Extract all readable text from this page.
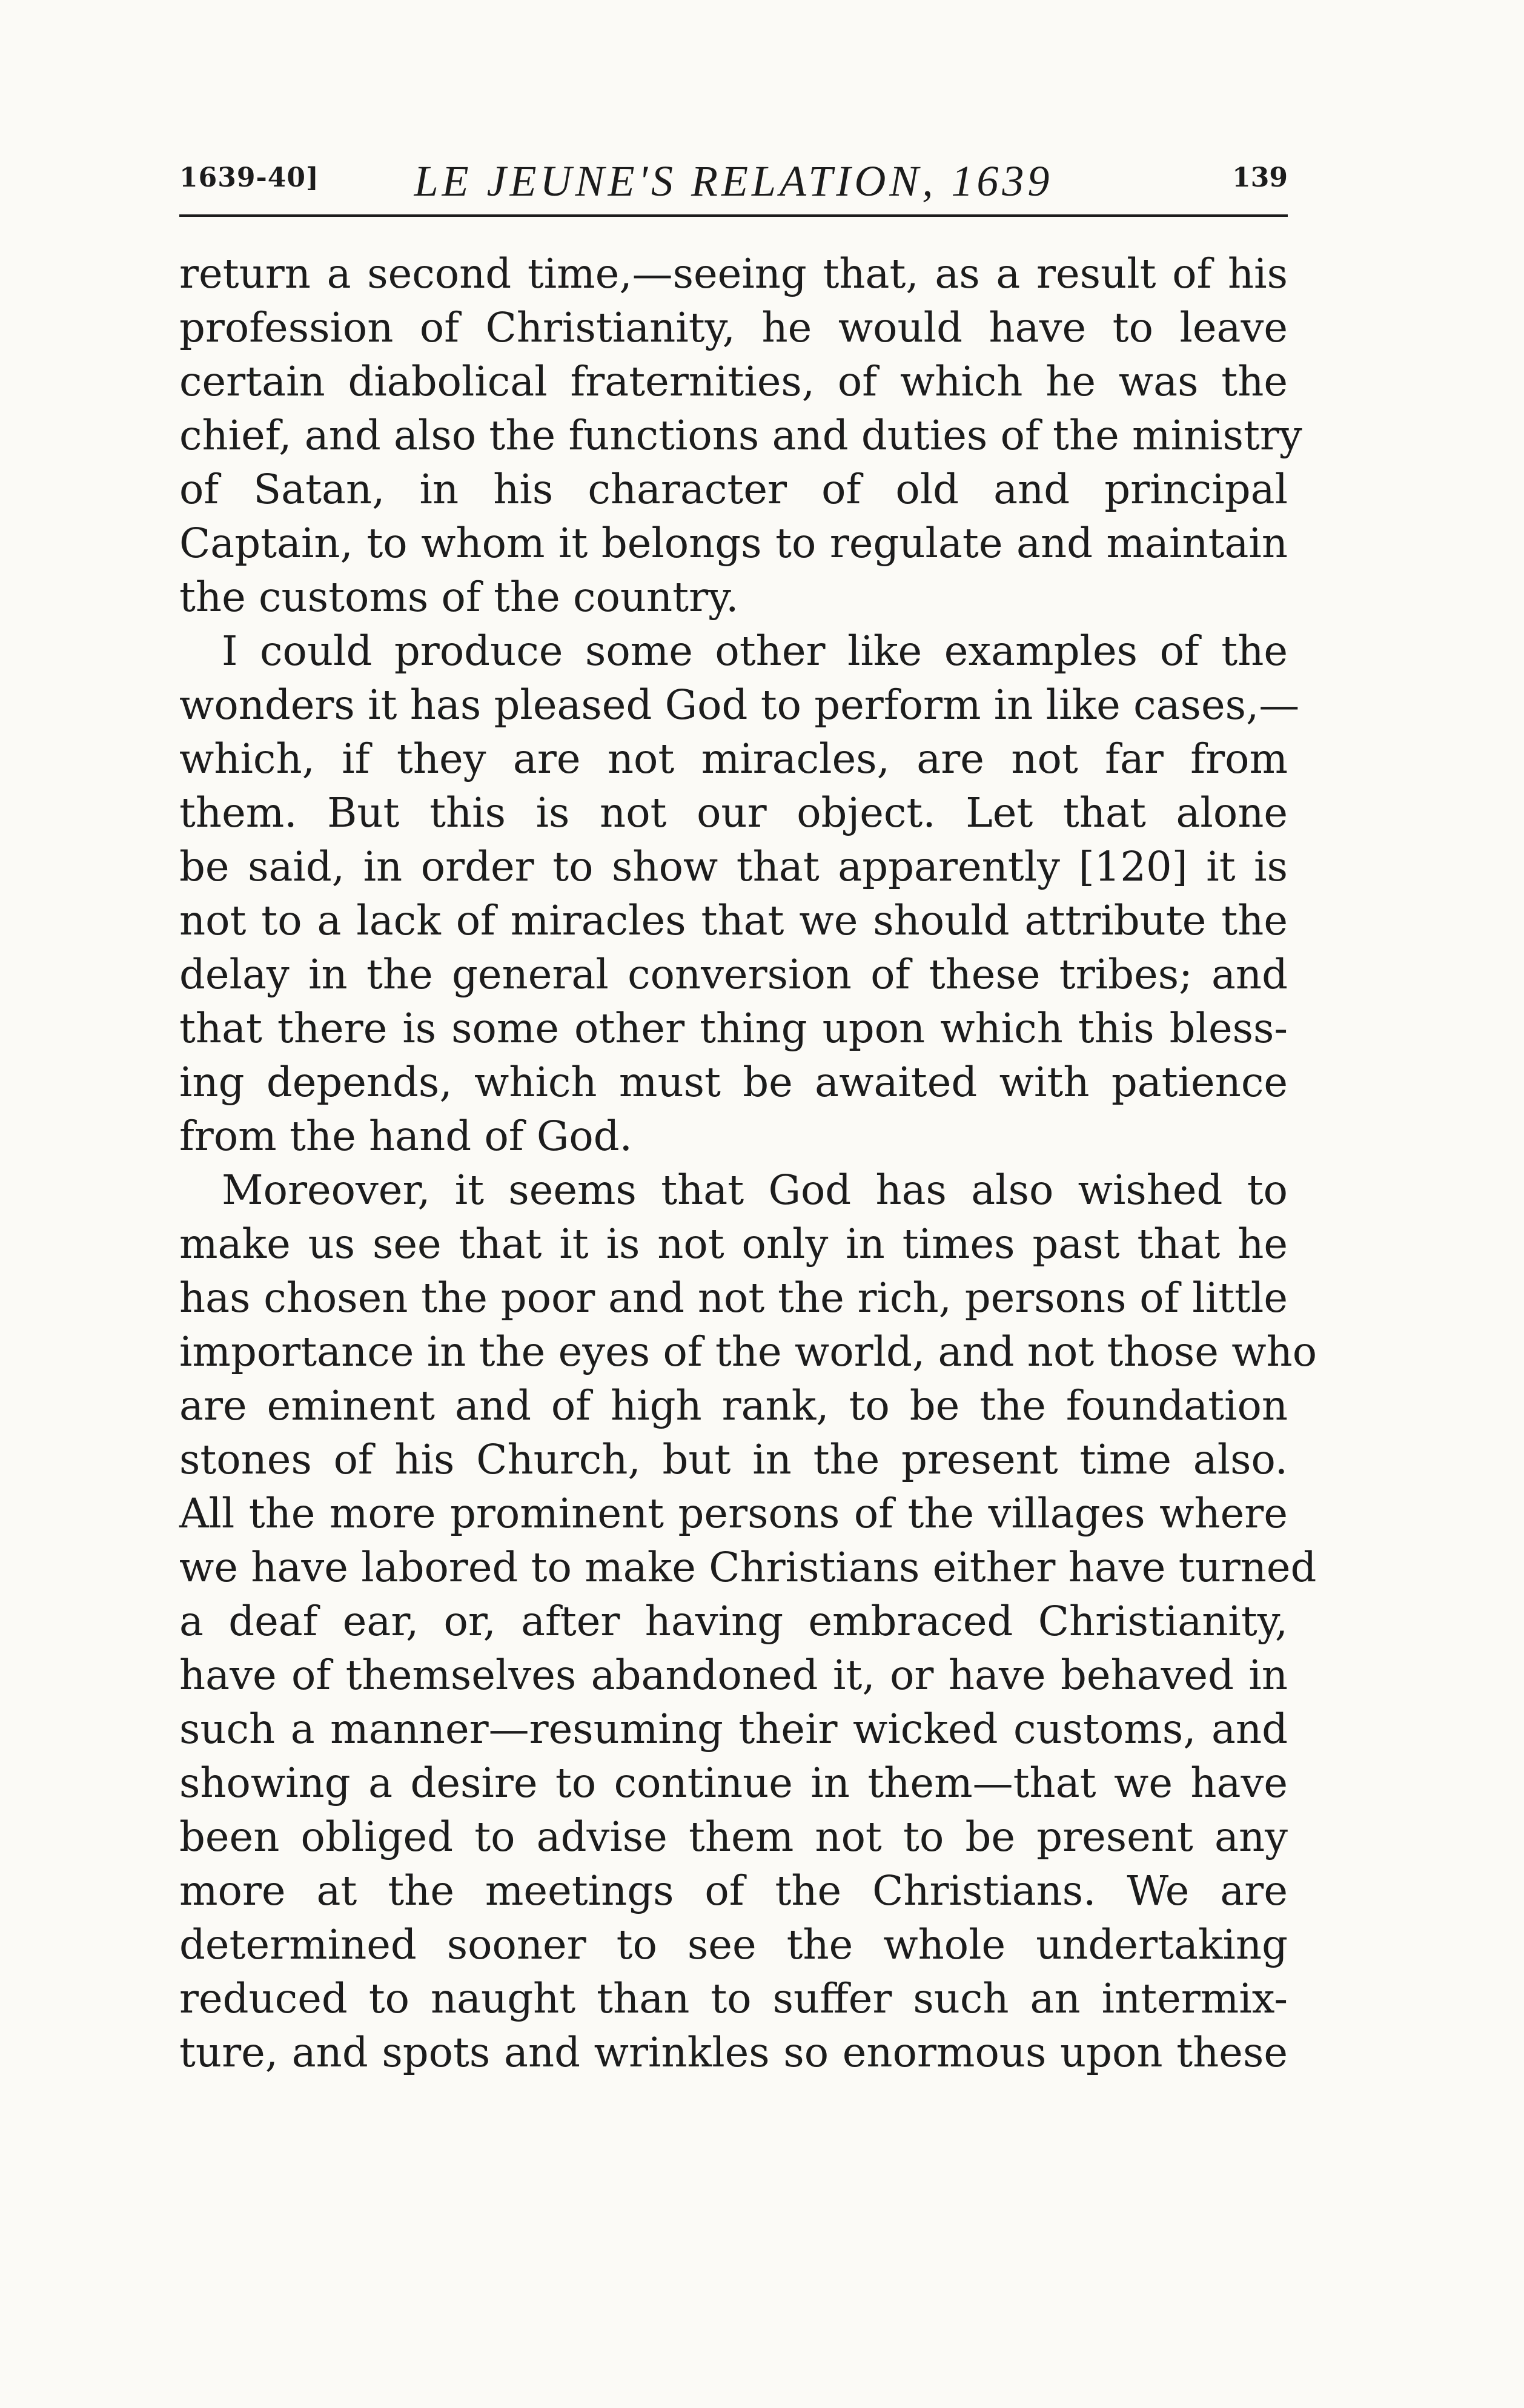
1639-40]	LE JEUNE'S RELATION, 1639	139
return a second time,—seeing that, as a result of his
profession of Christianity, he would have to leave
certain diabolical fraternities, of which he was the
chief, and also the functions and duties of the ministry
of Satan, in his character of old and principal
Captain, to whom it belongs to regulate and maintain
the customs of the country.
I could produce some other like examples of the
wonders it has pleased God to perform in like cases,—
which, if they are not miracles, are not far from
them. But this is not our object. Let that alone
be said, in order to show that apparently [120] it is
not to a lack of miracles that we should attribute the
delay in the general conversion of these tribes; and
that there is some other thing upon which this bless-
ing depends, which must be awaited with patience
from the hand of God.
Moreover, it seems that God has also wished to
make us see that it is not only in times past that he
has chosen the poor and not the rich, persons of little
importance in the eyes of the world, and not those who
are eminent and of high rank, to be the foundation
stones of his Church, but in the present time also.
All the more prominent persons of the villages where
we have labored to make Christians either have turned
a deaf ear, or, after having embraced Christianity,
have of themselves abandoned it, or have behaved in
such a manner—resuming their wicked customs, and
showing a desire to continue in them—that we have
been obliged to advise them not to be present any
more at the meetings of the Christians. We are
determined sooner to see the whole undertaking
reduced to naught than to suffer such an intermix-
ture, and spots and wrinkles so enormous upon these
